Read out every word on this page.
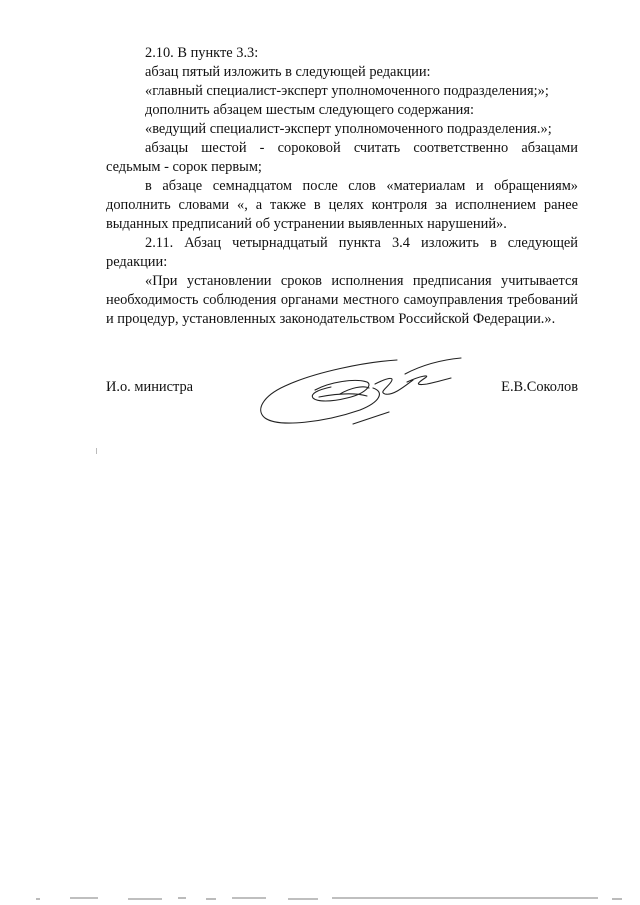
2.10. В пункте 3.3:

абзац пятый изложить в следующей редакции:

«главный специалист-эксперт уполномоченного подразделения;»;

дополнить абзацем шестым следующего содержания:

«ведущий специалист-эксперт уполномоченного подразделения.»;

абзацы шестой - сороковой считать соответственно абзацами седьмым - сорок первым;

в абзаце семнадцатом после слов «материалам и обращениям» дополнить словами «, а также в целях контроля за исполнением ранее выданных предписаний об устранении выявленных нарушений».

2.11. Абзац четырнадцатый пункта 3.4 изложить в следующей редакции:

«При установлении сроков исполнения предписания учитывается необходимость соблюдения органами местного самоуправления требований и процедур, установленных законодательством Российской Федерации.».

И.о. министра	Е.В.Соколов
